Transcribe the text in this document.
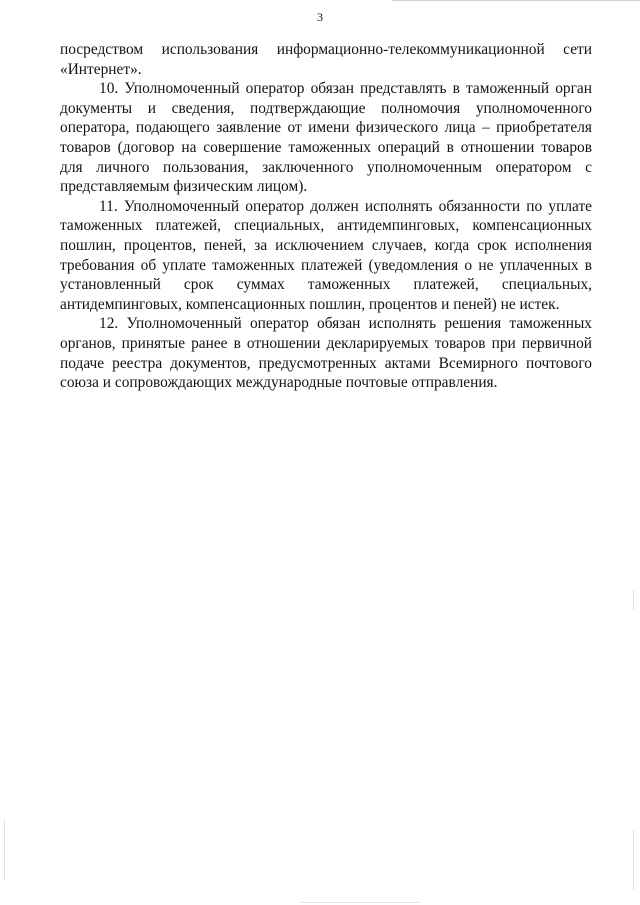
3

посредством использования информационно-телекоммуникационной сети «Интернет».

10. Уполномоченный оператор обязан представлять в таможенный орган документы и сведения, подтверждающие полномочия уполномоченного оператора, подающего заявление от имени физического лица – приобретателя товаров (договор на совершение таможенных операций в отношении товаров для личного пользования, заключенного уполномоченным оператором с представляемым физическим лицом).

11. Уполномоченный оператор должен исполнять обязанности по уплате таможенных платежей, специальных, антидемпинговых, компенсационных пошлин, процентов, пеней, за исключением случаев, когда срок исполнения требования об уплате таможенных платежей (уведомления о не уплаченных в установленный срок суммах таможенных платежей, специальных, антидемпинговых, компенсационных пошлин, процентов и пеней) не истек.

12. Уполномоченный оператор обязан исполнять решения таможенных органов, принятые ранее в отношении декларируемых товаров при первичной подаче реестра документов, предусмотренных актами Всемирного почтового союза и сопровождающих международные почтовые отправления.
